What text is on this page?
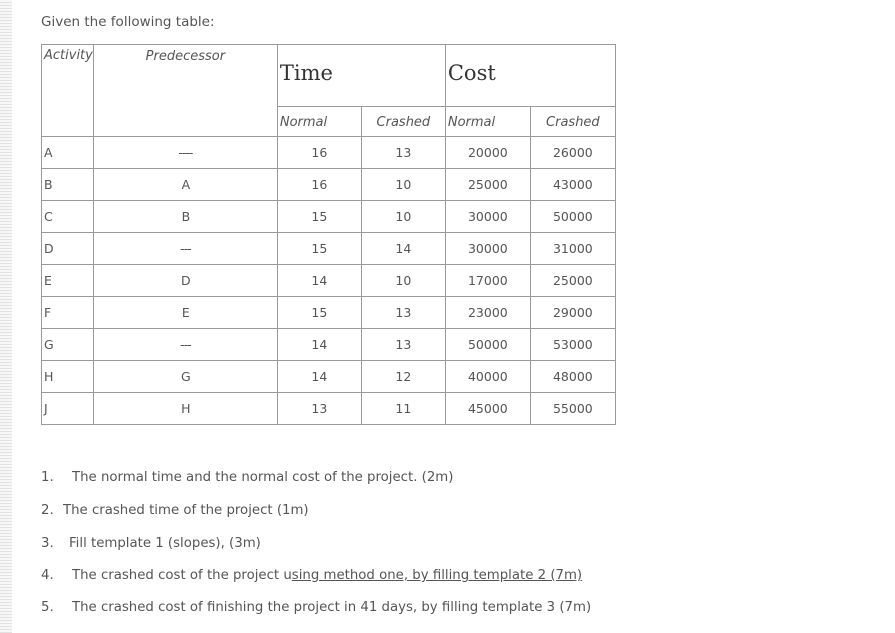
Given the following table:
Activity	Predecessor	Time		Cost	
		Normal	Crashed	Normal	Crashed
A	----	16	13	20000	26000
B	A	16	10	25000	43000
C	B	15	10	30000	50000
D	---	15	14	30000	31000
E	D	14	10	17000	25000
F	E	15	13	23000	29000
G	---	14	13	50000	53000
H	G	14	12	40000	48000
J	H	13	11	45000	55000
1. The normal time and the normal cost of the project. (2m)
2. The crashed time of the project (1m)
3. Fill template 1 (slopes), (3m)
4. The crashed cost of the project using method one, by filling template 2 (7m)
5. The crashed cost of finishing the project in 41 days, by filling template 3 (7m)
